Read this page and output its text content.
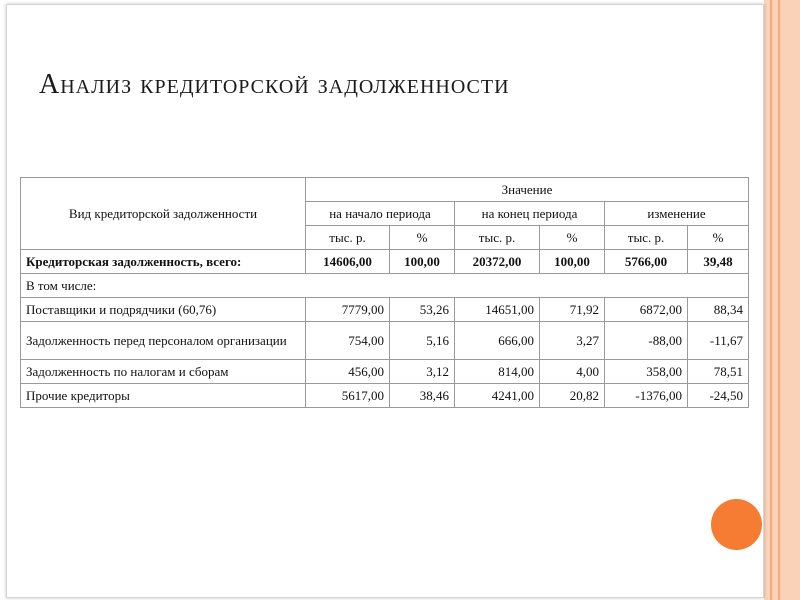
Анализ кредиторской задолженности
Вид кредиторской задолженности	Значение					
	на начало периода		на конец периода		изменение	
	тыс. р.	%	тыс. р.	%	тыс. р.	%
Кредиторская задолженность, всего:	14606,00	100,00	20372,00	100,00	5766,00	39,48
В том числе:						
Поставщики и подрядчики (60,76)	7779,00	53,26	14651,00	71,92	6872,00	88,34
Задолженность перед персоналом организации	754,00	5,16	666,00	3,27	-88,00	-11,67
Задолженность по налогам и сборам	456,00	3,12	814,00	4,00	358,00	78,51
Прочие кредиторы	5617,00	38,46	4241,00	20,82	-1376,00	-24,50
